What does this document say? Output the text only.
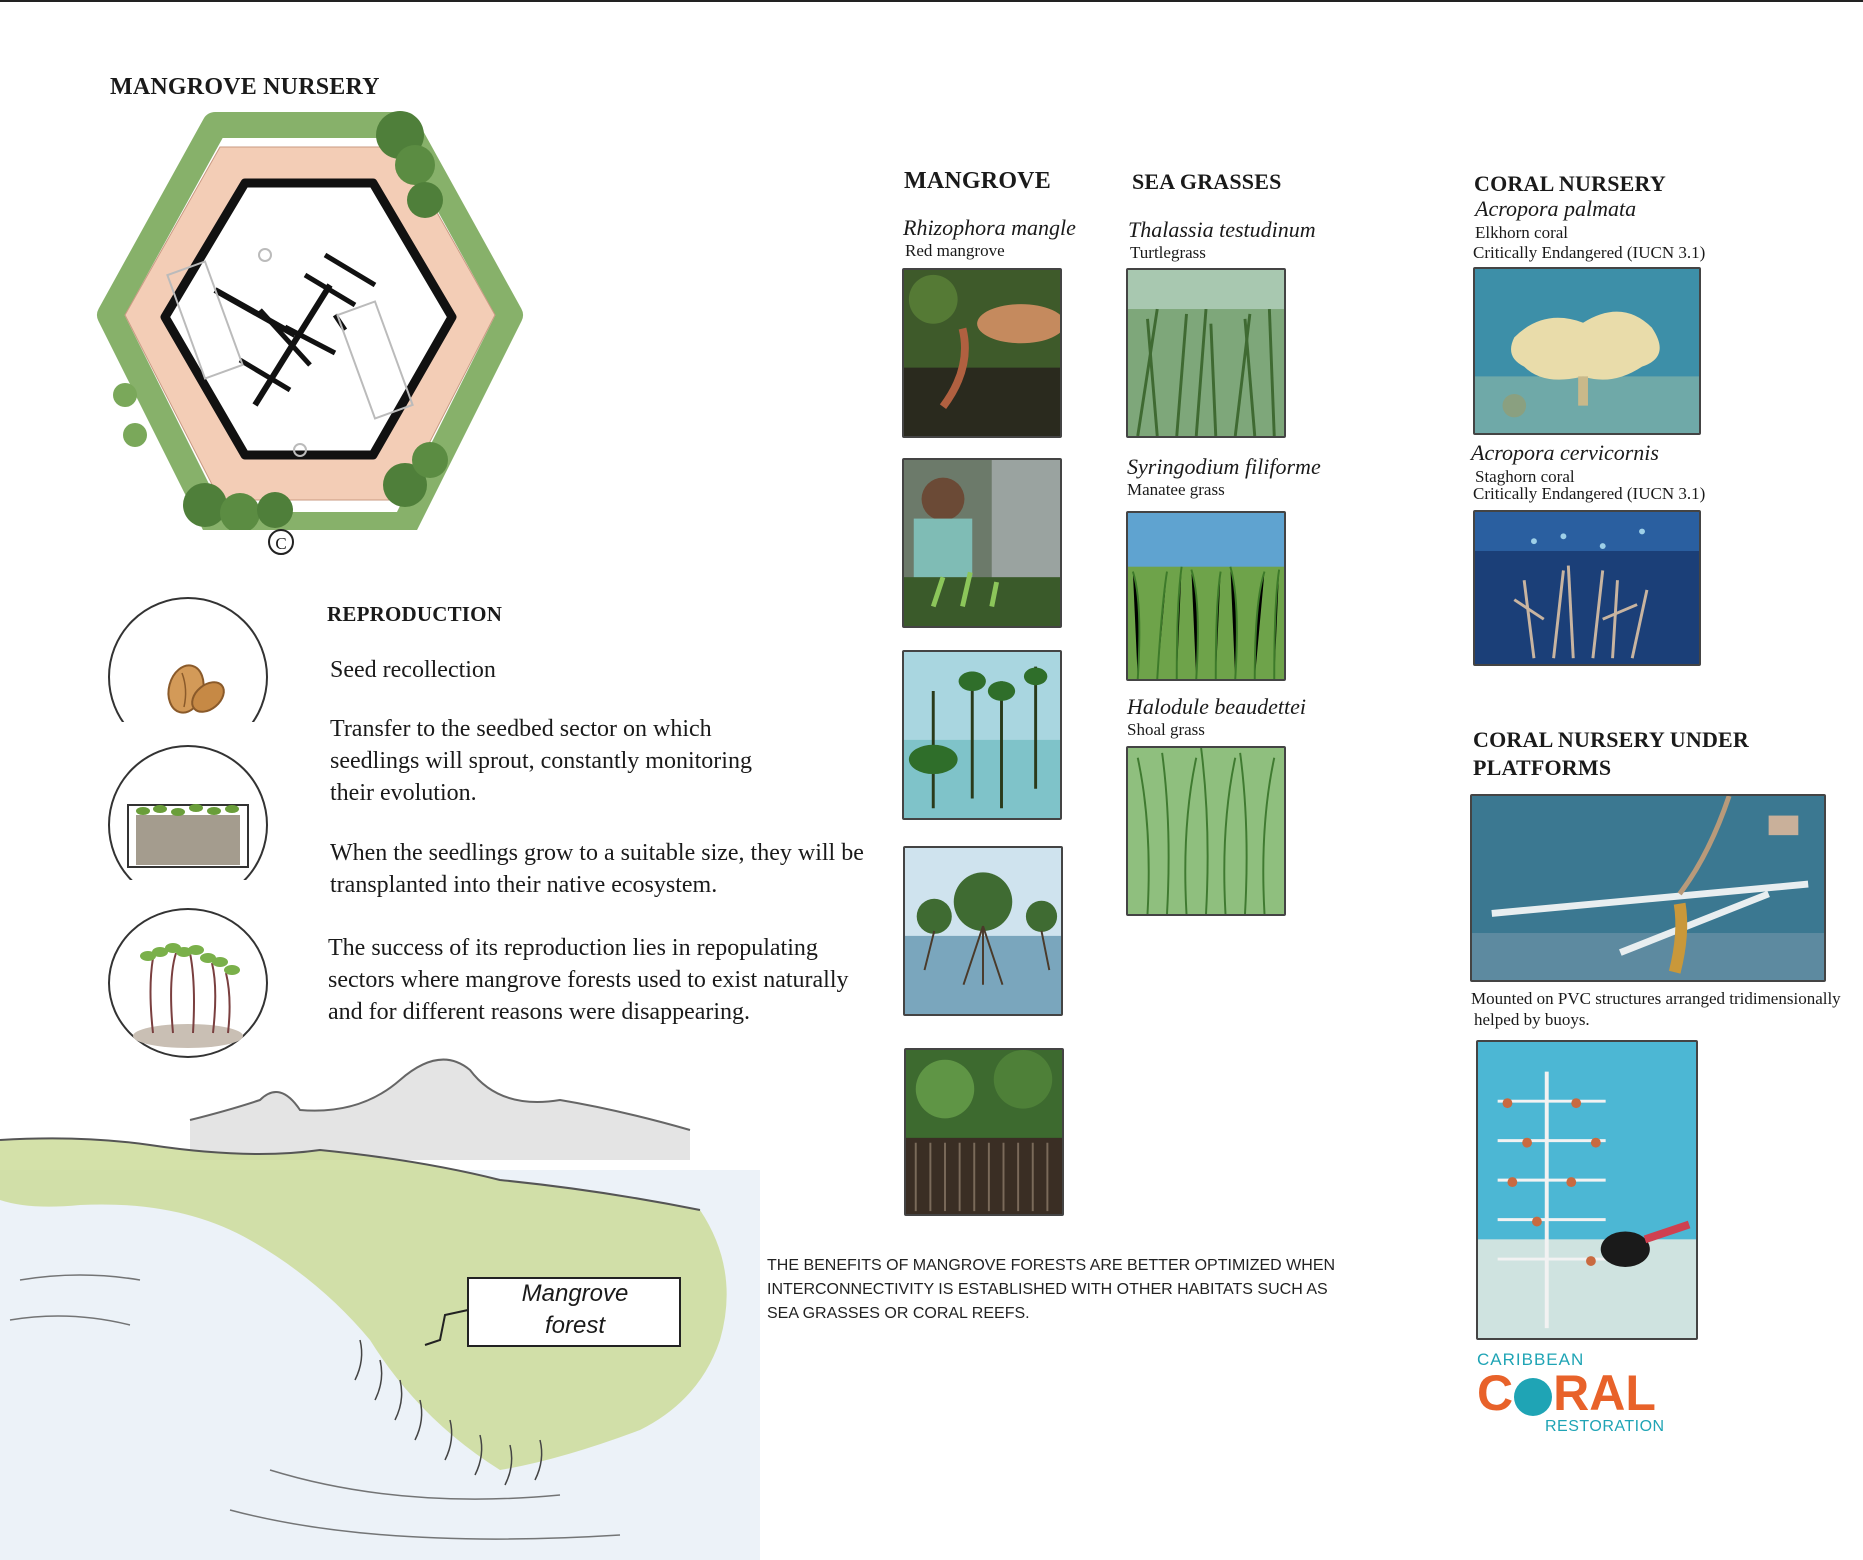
MANGROVE NURSERY
C
REPRODUCTION
Seed recollection
Transfer to the seedbed sector on which seedlings will sprout, constantly monitoring their evolution.
When the seedlings grow to a suitable size, they will be transplanted into their native ecosystem.
The success of its reproduction lies in repopulating sectors where mangrove forests used to exist naturally and for different reasons were disappearing.
Mangrove forest
MANGROVE
Rhizophora mangle
Red mangrove
SEA GRASSES
Thalassia testudinum
Turtlegrass
Syringodium filiforme
Manatee grass
Halodule beaudettei
Shoal grass
CORAL NURSERY
Acropora palmata
Elkhorn coral
Critically Endangered (IUCN 3.1)
Acropora cervicornis
Staghorn coral
Critically Endangered (IUCN 3.1)
CORAL NURSERY UNDER
PLATFORMS
Mounted on PVC structures arranged tridimensionally
helped by buoys.
CARIBBEAN
C RAL
RESTORATION
THE BENEFITS OF MANGROVE FORESTS ARE BETTER OPTIMIZED WHEN
INTERCONNECTIVITY IS ESTABLISHED WITH OTHER HABITATS SUCH AS
SEA GRASSES OR CORAL REEFS.
